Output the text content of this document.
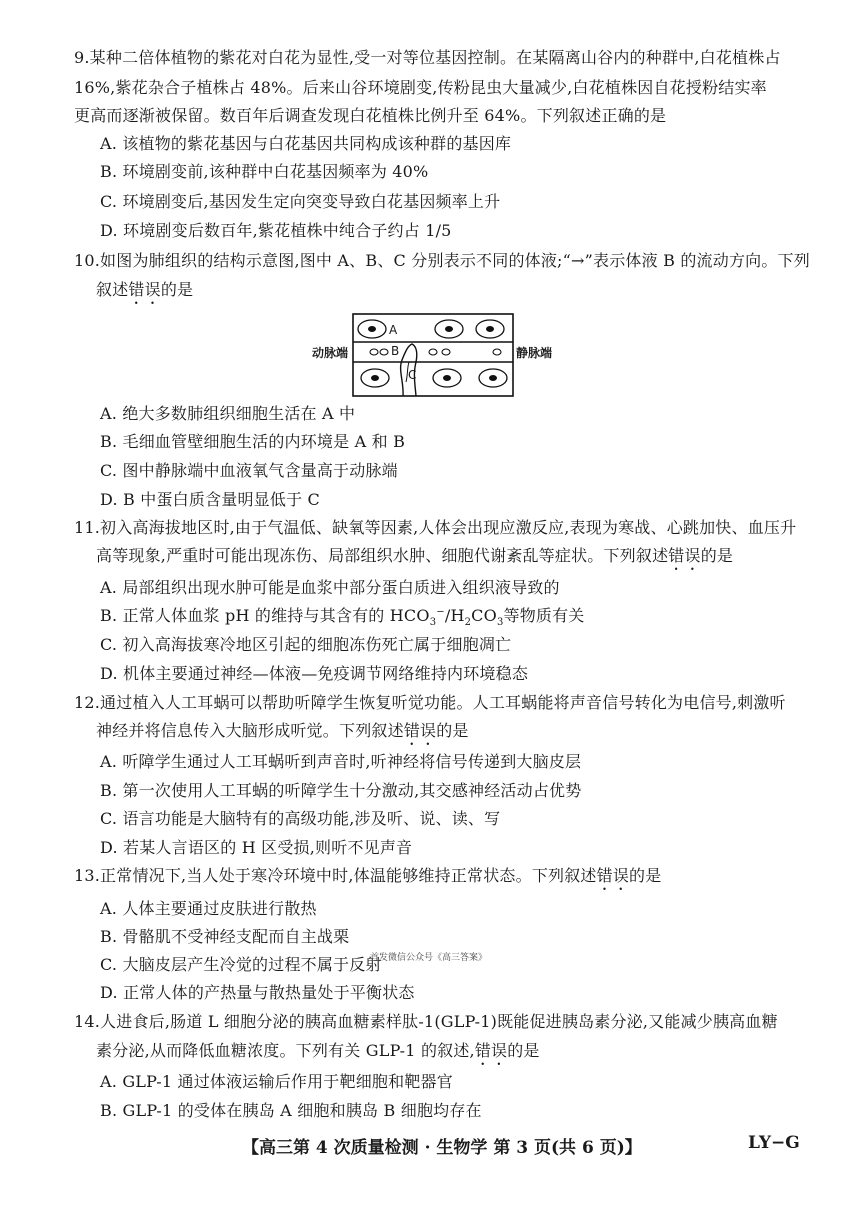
9.某种二倍体植物的紫花对白花为显性,受一对等位基因控制。在某隔离山谷内的种群中,白花植株占
16%,紫花杂合子植株占 48%。后来山谷环境剧变,传粉昆虫大量减少,白花植株因自花授粉结实率
更高而逐渐被保留。数百年后调查发现白花植株比例升至 64%。下列叙述正确的是
A. 该植物的紫花基因与白花基因共同构成该种群的基因库
B. 环境剧变前,该种群中白花基因频率为 40%
C. 环境剧变后,基因发生定向突变导致白花基因频率上升
D. 环境剧变后数百年,紫花植株中纯合子约占 1/5
10.如图为肺组织的结构示意图,图中 A、B、C 分别表示不同的体液;“→”表示体液 B 的流动方向。下列
叙述错误的是
动脉端	静脉端
A
B
C
A. 绝大多数肺组织细胞生活在 A 中
B. 毛细血管壁细胞生活的内环境是 A 和 B
C. 图中静脉端中血液氧气含量高于动脉端
D. B 中蛋白质含量明显低于 C
11.初入高海拔地区时,由于气温低、缺氧等因素,人体会出现应激反应,表现为寒战、心跳加快、血压升
高等现象,严重时可能出现冻伤、局部组织水肿、细胞代谢紊乱等症状。下列叙述错误的是
A. 局部组织出现水肿可能是血浆中部分蛋白质进入组织液导致的
B. 正常人体血浆 pH 的维持与其含有的 $HCO_3^-/H_2CO_3$等物质有关
C. 初入高海拔寒冷地区引起的细胞冻伤死亡属于细胞凋亡
D. 机体主要通过神经—体液—免疫调节网络维持内环境稳态
12.通过植入人工耳蜗可以帮助听障学生恢复听觉功能。人工耳蜗能将声音信号转化为电信号,刺激听
神经并将信息传入大脑形成听觉。下列叙述错误的是
A. 听障学生通过人工耳蜗听到声音时,听神经将信号传递到大脑皮层
B. 第一次使用人工耳蜗的听障学生十分激动,其交感神经活动占优势
C. 语言功能是大脑特有的高级功能,涉及听、说、读、写
D. 若某人言语区的 H 区受损,则听不见声音
13.正常情况下,当人处于寒冷环境中时,体温能够维持正常状态。下列叙述错误的是
A. 人体主要通过皮肤进行散热
B. 骨骼肌不受神经支配而自主战栗
C. 大脑皮层产生冷觉的过程不属于反射
D. 正常人体的产热量与散热量处于平衡状态
首发微信公众号《高三答案》
14.人进食后,肠道 L 细胞分泌的胰高血糖素样肽-1(GLP-1)既能促进胰岛素分泌,又能减少胰高血糖
素分泌,从而降低血糖浓度。下列有关 GLP-1 的叙述,错误的是
A. GLP-1 通过体液运输后作用于靶细胞和靶器官
B. GLP-1 的受体在胰岛 A 细胞和胰岛 B 细胞均存在
【高三第 4 次质量检测 · 生物学 第 3 页(共 6 页)】	LY−G
